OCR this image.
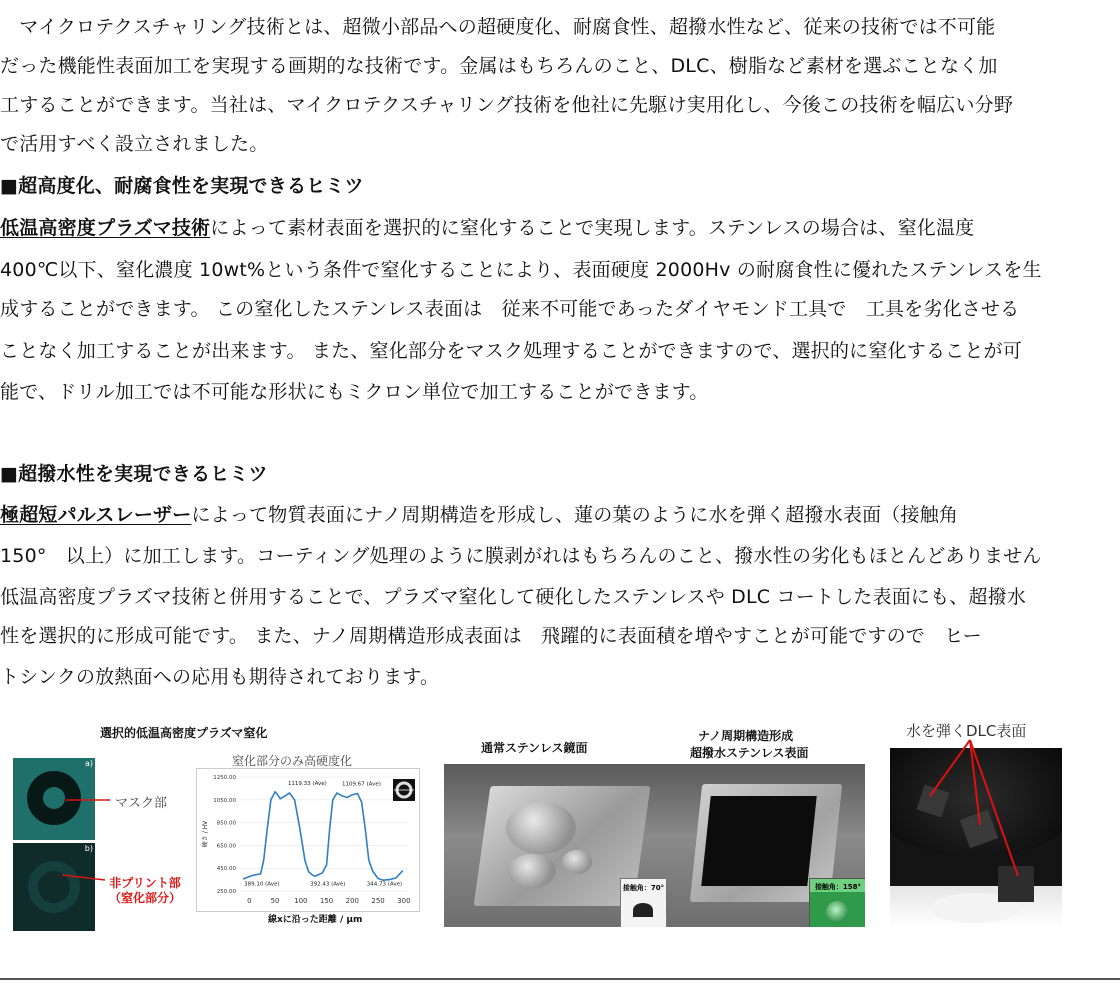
　マイクロテクスチャリング技術とは、超微小部品への超硬度化、耐腐食性、超撥水性など、従来の技術では不可能
だった機能性表面加工を実現する画期的な技術です。金属はもちろんのこと、DLC、樹脂など素材を選ぶことなく加
工することができます。当社は、マイクロテクスチャリング技術を他社に先駆け実用化し、今後この技術を幅広い分野
で活用すべく設立されました。
■超高度化、耐腐食性を実現できるヒミツ
低温高密度プラズマ技術によって素材表面を選択的に窒化することで実現します。ステンレスの場合は、窒化温度
400℃以下、窒化濃度 10wt%という条件で窒化することにより、表面硬度 2000Hv の耐腐食性に優れたステンレスを生
成することができます。 この窒化したステンレス表面は　従来不可能であったダイヤモンド工具で　工具を劣化させる
ことなく加工することが出来ます。 また、窒化部分をマスク処理することができますので、選択的に窒化することが可
能で、ドリル加工では不可能な形状にもミクロン単位で加工することができます。
■超撥水性を実現できるヒミツ
極超短パルスレーザーによって物質表面にナノ周期構造を形成し、蓮の葉のように水を弾く超撥水表面（接触角
150°　以上）に加工します。コーティング処理のように膜剥がれはもちろんのこと、撥水性の劣化もほとんどありません
低温高密度プラズマ技術と併用することで、プラズマ窒化して硬化したステンレスや DLC コートした表面にも、超撥水
性を選択的に形成可能です。 また、ナノ周期構造形成表面は　飛躍的に表面積を増やすことが可能ですので　ヒー
トシンクの放熱面への応用も期待されております。
選択的低温高密度プラズマ窒化
a)
b)
マスク部
非プリント部
（窒化部分）
窒化部分のみ高硬度化
250.00
450.00
650.00
850.00
1050.00
1250.00
0	50 100 150 200 250 300
硬さ / HV
1119.33 (Ave)	1109.67 (Ave)
389.10 (Ave)	392.43 (Ave)	344.73 (Ave)
線xに沿った距離 / μm
通常ステンレス鏡面
ナノ周期構造形成
超撥水ステンレス表面
接触角：70°	接触角：158°
水を弾くDLC表面
